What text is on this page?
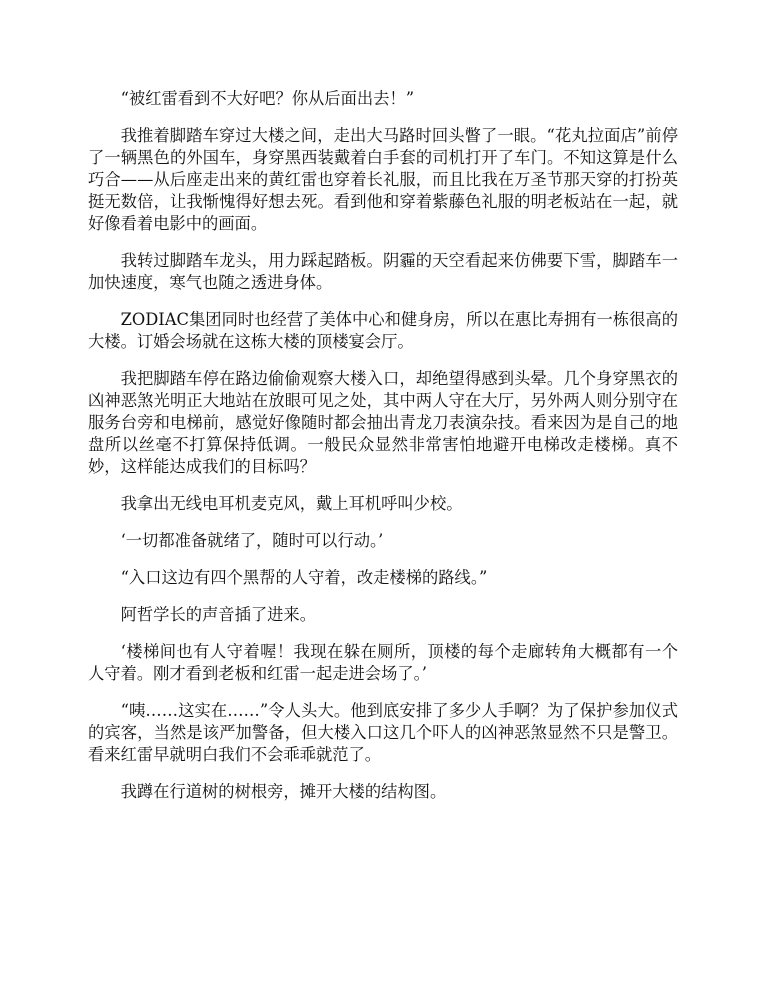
“被红雷看到不大好吧？你从后面出去！”

我推着脚踏车穿过大楼之间，走出大马路时回头瞥了一眼。“花丸拉面店”前停了一辆黑色的外国车，身穿黑西装戴着白手套的司机打开了车门。不知这算是什么巧合——从后座走出来的黄红雷也穿着长礼服，而且比我在万圣节那天穿的打扮英挺无数倍，让我惭愧得好想去死。看到他和穿着紫藤色礼服的明老板站在一起，就好像看着电影中的画面。

我转过脚踏车龙头，用力踩起踏板。阴霾的天空看起来仿佛要下雪，脚踏车一加快速度，寒气也随之透进身体。

ZODIAC集团同时也经营了美体中心和健身房，所以在惠比寿拥有一栋很高的大楼。订婚会场就在这栋大楼的顶楼宴会厅。

我把脚踏车停在路边偷偷观察大楼入口，却绝望得感到头晕。几个身穿黑衣的凶神恶煞光明正大地站在放眼可见之处，其中两人守在大厅，另外两人则分别守在服务台旁和电梯前，感觉好像随时都会抽出青龙刀表演杂技。看来因为是自己的地盘所以丝毫不打算保持低调。一般民众显然非常害怕地避开电梯改走楼梯。真不妙，这样能达成我们的目标吗？

我拿出无线电耳机麦克风，戴上耳机呼叫少校。

‘一切都准备就绪了，随时可以行动。’

“入口这边有四个黑帮的人守着，改走楼梯的路线。”

阿哲学长的声音插了进来。

‘楼梯间也有人守着喔！我现在躲在厕所，顶楼的每个走廊转角大概都有一个人守着。刚才看到老板和红雷一起走进会场了。’

“咦……这实在……”令人头大。他到底安排了多少人手啊？为了保护参加仪式的宾客，当然是该严加警备，但大楼入口这几个吓人的凶神恶煞显然不只是警卫。看来红雷早就明白我们不会乖乖就范了。

我蹲在行道树的树根旁，摊开大楼的结构图。
